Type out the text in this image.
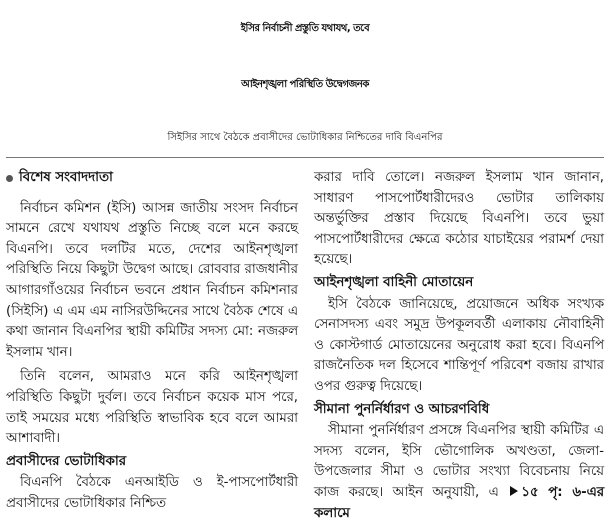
ইসির নির্বাচনী প্রস্তুতি যথাযথ, তবে
আইনশৃঙ্খলা পরিস্থিতি উদ্বেগজনক
সিইসির সাথে বৈঠকে প্রবাসীদের ভোটাধিকার নিশ্চিতের দাবি বিএনপির
বিশেষ সংবাদদাতা

নির্বাচন কমিশন (ইসি) আসন্ন জাতীয় সংসদ নির্বাচন সামনে রেখে যথাযথ প্রস্তুতি নিচ্ছে বলে মনে করছে বিএনপি। তবে দলটির মতে, দেশের আইনশৃঙ্খলা পরিস্থিতি নিয়ে কিছুটা উদ্বেগ আছে। রোববার রাজধানীর আগারগাঁওয়ের নির্বাচন ভবনে প্রধান নির্বাচন কমিশনার (সিইসি) এ এম এম নাসিরউদ্দিনের সাথে বৈঠক শেষে এ কথা জানান বিএনপির স্থায়ী কমিটির সদস্য মো: নজরুল ইসলাম খান।

তিনি বলেন, আমরাও মনে করি আইনশৃঙ্খলা পরিস্থিতি কিছুটা দুর্বল। তবে নির্বাচন কয়েক মাস পরে, তাই সময়ের মধ্যে পরিস্থিতি স্বাভাবিক হবে বলে আমরা আশাবাদী।

প্রবাসীদের ভোটাধিকার

বিএনপি বৈঠকে এনআইডি ও ই-পাসপোর্টধারী প্রবাসীদের ভোটাধিকার নিশ্চিত

করার দাবি তোলে। নজরুল ইসলাম খান জানান, সাধারণ পাসপোর্টধারীদেরও ভোটার তালিকায় অন্তর্ভুক্তির প্রস্তাব দিয়েছে বিএনপি। তবে ভুয়া পাসপোর্টধারীদের ক্ষেত্রে কঠোর যাচাইয়ের পরামর্শ দেয়া হয়েছে।

আইনশৃঙ্খলা বাহিনী মোতায়েন

ইসি বৈঠকে জানিয়েছে, প্রয়োজনে অধিক সংখ্যক সেনাসদস্য এবং সমুদ্র উপকূলবর্তী এলাকায় নৌবাহিনী ও কোস্টগার্ড মোতায়েনের অনুরোধ করা হবে। বিএনপি রাজনৈতিক দল হিসেবে শান্তিপূর্ণ পরিবেশ বজায় রাখার ওপর গুরুত্ব দিয়েছে।

সীমানা পুনর্নির্ধারণ ও আচরণবিধি

সীমানা পুনর্নির্ধারণ প্রসঙ্গে বিএনপির স্থায়ী কমিটির এ সদস্য বলেন, ইসি ভৌগোলিক অখণ্ডতা, জেলা-উপজেলার সীমা ও ভোটার সংখ্যা বিবেচনায় নিয়ে কাজ করছে। আইন অনুযায়ী, এ ১৫ পৃ: ৬-এর কলামে
